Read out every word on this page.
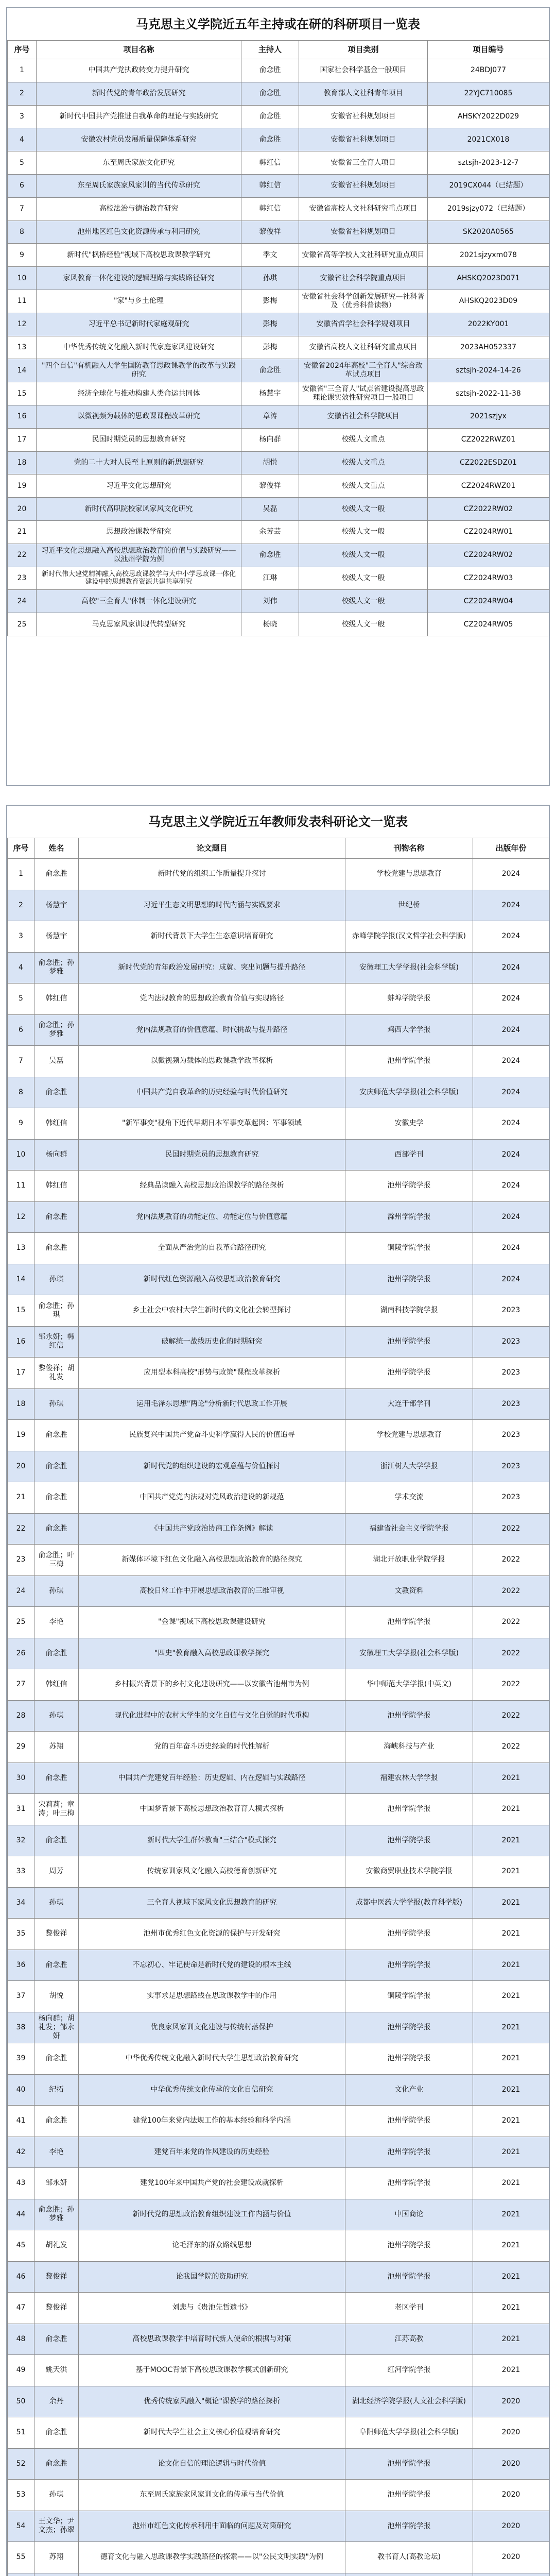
马克思主义学院近五年主持或在研的科研项目一览表
序号	项目名称	主持人	项目类别	项目编号
1	中国共产党执政转变力提升研究	俞念胜	国家社会科学基金一般项目	24BDJ077
2	新时代党的青年政治发展研究	俞念胜	教育部人文社科青年项目	22YJC710085
3	新时代中国共产党推进自我革命的理论与实践研究	俞念胜	安徽省社科规划项目	AHSKY2022D029
4	安徽农村党员发展质量保障体系研究	俞念胜	安徽省社科规划项目	2021CX018
5	东至周氏家族文化研究	韩红信	安徽省三全育人项目	sztsjh-2023-12-7
6	东至周氏家族家风家训的当代传承研究	韩红信	安徽省社科规划项目	2019CX044（已结题）
7	高校法治与德治教育研究	韩红信	安徽省高校人文社科研究重点项目	2019sjzy072（已结题）
8	池州地区红色文化资源传承与利用研究	黎俊祥	安徽省社科规划项目	SK2020A0565
9	新时代"枫桥经验"视域下高校思政课教学研究	季文	安徽省高等学校人文社科研究重点项目	2021sjzyxm078
10	家风教育一体化建设的逻辑理路与实践路径研究	孙琪	安徽省社会科学院重点项目	AHSKQ2023D071
11	"家"与乡土伦理	彭梅	安徽省社会科学创新发展研究—社科普及（优秀科普读物）	AHSKQ2023D09
12	习近平总书记新时代家庭观研究	彭梅	安徽省哲学社会科学规划项目	2022KY001
13	中华优秀传统文化融入新时代家庭家风建设研究	彭梅	安徽省高校人文社科研究重点项目	2023AH052337
14	"四个自信"有机融入大学生国防教育思政课教学的改革与实践研究	俞念胜	安徽省2024年高校"三全育人"综合改革试点项目	sztsjh-2024-14-26
15	经济全球化与推动构建人类命运共同体	杨慧宇	安徽省"三全育人"试点省建设提高思政理论课实效性研究项目一般项目	sztsjh-2022-11-38
16	以微视频为载体的思政课课程改革研究	章涛	安徽省社会科学院项目	2021szjyx
17	民国时期党员的思想教育研究	杨向群	校级人文重点	CZ2022RWZ01
18	党的二十大对人民至上原则的新思想研究	胡悦	校级人文重点	CZ2022ESDZ01
19	习近平文化思想研究	黎俊祥	校级人文重点	CZ2024RWZ01
20	新时代高职院校家风家风文化研究	吴磊	校级人文一般	CZ2022RW02
21	思想政治课教学研究	余芳芸	校级人文一般	CZ2024RW01
22	习近平文化思想融入高校思想政治教育的价值与实践研究——以池州学院为例	俞念胜	校级人文一般	CZ2024RW02
23	新时代伟大建党精神融入高校思政课教学与大中小学思政课一体化建设中的思想教育资源共建共享研究	江琳	校级人文一般	CZ2024RW03
24	高校"三全育人"体制一体化建设研究	刘伟	校级人文一般	CZ2024RW04
25	马克思家风家训现代转型研究	杨晓	校级人文一般	CZ2024RW05
马克思主义学院近五年教师发表科研论文一览表
序号	姓名	论文题目	刊物名称	出版年份
1	俞念胜	新时代党的组织工作质量提升探讨	学校党建与思想教育	2024
2	杨慧宇	习近平生态文明思想的时代内涵与实践要求	世纪桥	2024
3	杨慧宇	新时代背景下大学生生态意识培育研究	赤峰学院学报(汉文哲学社会科学版)	2024
4	俞念胜；孙梦雅	新时代党的青年政治发展研究：成就、突出问题与提升路径	安徽理工大学学报(社会科学版)	2024
5	韩红信	党内法规教育的思想政治教育价值与实现路径	蚌埠学院学报	2024
6	俞念胜；孙梦雅	党内法规教育的价值意蕴、时代挑战与提升路径	鸡西大学学报	2024
7	吴磊	以微视频为载体的思政课教学改革探析	池州学院学报	2024
8	俞念胜	中国共产党自我革命的历史经验与时代价值研究	安庆师范大学学报(社会科学版)	2024
9	韩红信	"新军事变"视角下近代早期日本军事变革起因：军事领域	安徽史学	2024
10	杨向群	民国时期党员的思想教育研究	西部学刊	2024
11	韩红信	经典品读融入高校思想政治课教学的路径探析	池州学院学报	2024
12	俞念胜	党内法规教育的功能定位、功能定位与价值意蕴	滁州学院学报	2024
13	俞念胜	全面从严治党的自我革命路径研究	铜陵学院学报	2024
14	孙琪	新时代红色资源融入高校思想政治教育研究	池州学院学报	2024
15	俞念胜；孙琪	乡土社会中农村大学生新时代的文化社会转型探讨	湖南科技学院学报	2023
16	邹永妍；韩红信	破解统一战线历史化的时期研究	池州学院学报	2023
17	黎俊祥；胡礼发	应用型本科高校"形势与政策"课程改革探析	池州学院学报	2023
18	孙琪	运用毛泽东思想"两论"分析新时代思政工作开展	大连干部学刊	2023
19	俞念胜	民族复兴中国共产党奋斗史科学赢得人民的价值追寻	学校党建与思想教育	2023
20	俞念胜	新时代党的组织建设的宏观意蕴与价值探讨	浙江树人大学学报	2023
21	俞念胜	中国共产党党内法规对党风政治建设的新规范	学术交流	2023
22	俞念胜	《中国共产党政治协商工作条例》解读	福建省社会主义学院学报	2022
23	俞念胜；叶三梅	新媒体环境下红色文化融入高校思想政治教育的路径探究	湖北开放职业学院学报	2022
24	孙琪	高校日常工作中开展思想政治教育的三维审视	文教资料	2022
25	李艳	"金课"视域下高校思政课建设研究	池州学院学报	2022
26	俞念胜	"四史"教育融入高校思政课教学探究	安徽理工大学学报(社会科学版)	2022
27	韩红信	乡村振兴背景下的乡村文化建设研究——以安徽省池州市为例	华中师范大学学报(中英文)	2022
28	孙琪	现代化进程中的农村大学生的文化自信与文化自觉的时代重构	池州学院学报	2022
29	苏翔	党的百年奋斗历史经验的时代性解析	海峡科技与产业	2022
30	俞念胜	中国共产党建党百年经验：历史逻辑、内在逻辑与实践路径	福建农林大学学报	2021
31	宋莉莉；章涛；叶三梅	中国梦背景下高校思想政治教育育人模式探析	池州学院学报	2021
32	俞念胜	新时代大学生群体教育"三结合"模式探究	池州学院学报	2021
33	周芳	传统家训家风文化融入高校德育创新研究	安徽商贸职业技术学院学报	2021
34	孙琪	三全育人视域下家风文化思想教育的研究	成都中医药大学学报(教育科学版)	2021
35	黎俊祥	池州市优秀红色文化资源的保护与开发研究	池州学院学报	2021
36	俞念胜	不忘初心、牢记使命是新时代党的建设的根本主线	池州学院学报	2021
37	胡悦	实事求是思想路线在思政课教学中的作用	铜陵学院学报	2021
38	杨向群；胡礼发；邹永妍	优良家风家训文化建设与传统村落保护	池州学院学报	2021
39	俞念胜	中华优秀传统文化融入新时代大学生思想政治教育研究	池州学院学报	2021
40	纪拓	中华优秀传统文化传承的文化自信研究	文化产业	2021
41	俞念胜	建党100年来党内法规工作的基本经验和科学内涵	池州学院学报	2021
42	李艳	建党百年来党的作风建设的历史经验	池州学院学报	2021
43	邹永妍	建党100年来中国共产党的社会建设成就探析	池州学院学报	2021
44	俞念胜；孙梦雅	新时代党的思想政治教育组织建设工作内涵与价值	中国商论	2021
45	胡礼发	论毛泽东的群众路线思想	池州学院学报	2021
46	黎俊祥	论我国学院的资助研究	池州学院学报	2021
47	黎俊祥	刘悲与《贵池先哲遗书》	老区学刊	2021
48	俞念胜	高校思政课教学中培育时代新人使命的根据与对策	江苏高教	2021
49	姚天洪	基于MOOC背景下高校思政课教学模式创新研究	红河学院学报	2021
50	余丹	优秀传统家风融入"概论"课教学的路径探析	湖北经济学院学报(人文社会科学版)	2020
51	俞念胜	新时代大学生社会主义核心价值观培育研究	阜阳师范大学学报(社会科学版)	2020
52	俞念胜	论文化自信的理论逻辑与时代价值	池州学院学报	2020
53	孙琪	东至周氏家族家风家训文化的传承与当代价值	池州学院学报	2020
54	王文华；尹文杰；孙翠	池州市红色文化传承利用中面临的问题及对策研究	池州学院学报	2020
55	苏翔	德育文化与融入思政课教学实践路径的探索——以"公民文明实践"为例	教书育人(高教论坛)	2020
